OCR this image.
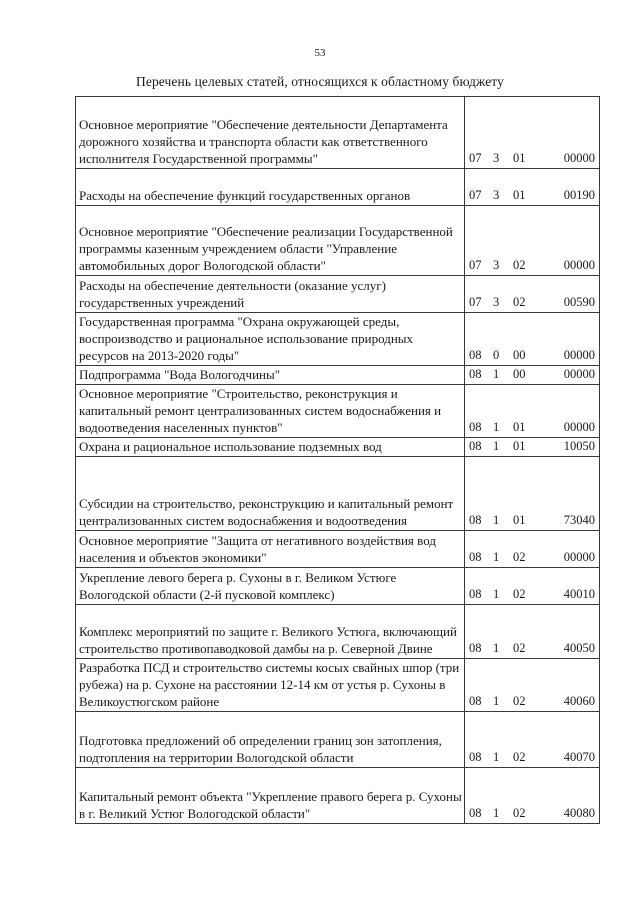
53
Перечень целевых статей, относящихся к областному бюджету
Основное мероприятие "Обеспечение деятельности Департамента дорожного хозяйства и транспорта области как ответственного исполнителя Государственной программы"	07 3 01 00000

Расходы на обеспечение функций государственных органов	07 3 01 00190

Основное мероприятие "Обеспечение реализации Государственной программы казенным учреждением области "Управление автомобильных дорог Вологодской области"	07 3 02 00000

Расходы на обеспечение деятельности (оказание услуг) государственных учреждений	07 3 02 00590

Государственная программа "Охрана окружающей среды, воспроизводство и рациональное использование природных ресурсов на 2013-2020 годы"	08 0 00 00000

Подпрограмма "Вода Вологодчины"	08 1 00 00000

Основное мероприятие "Строительство, реконструкция и капитальный ремонт централизованных систем водоснабжения и водоотведения населенных пунктов"	08 1 01 00000

Охрана и рациональное использование подземных вод	08 1 01 10050

Субсидии на строительство, реконструкцию и капитальный ремонт централизованных систем водоснабжения и водоотведения	08 1 01 73040

Основное мероприятие "Защита от негативного воздействия вод населения и объектов экономики"	08 1 02 00000

Укрепление левого берега р. Сухоны в г. Великом Устюге Вологодской области (2-й пусковой комплекс)	08 1 02 40010

Комплекс мероприятий по защите г. Великого Устюга, включающий строительство противопаводковой дамбы на р. Северной Двине	08 1 02 40050

Разработка ПСД и строительство системы косых свайных шпор (три рубежа) на р. Сухоне на расстоянии 12-14 км от устья р. Сухоны в Великоустюгском районе	08 1 02 40060

Подготовка предложений об определении границ зон затопления, подтопления на территории Вологодской области	08 1 02 40070

Капитальный ремонт объекта "Укрепление правого берега р. Сухоны в г. Великий Устюг Вологодской области"	08 1 02 40080
